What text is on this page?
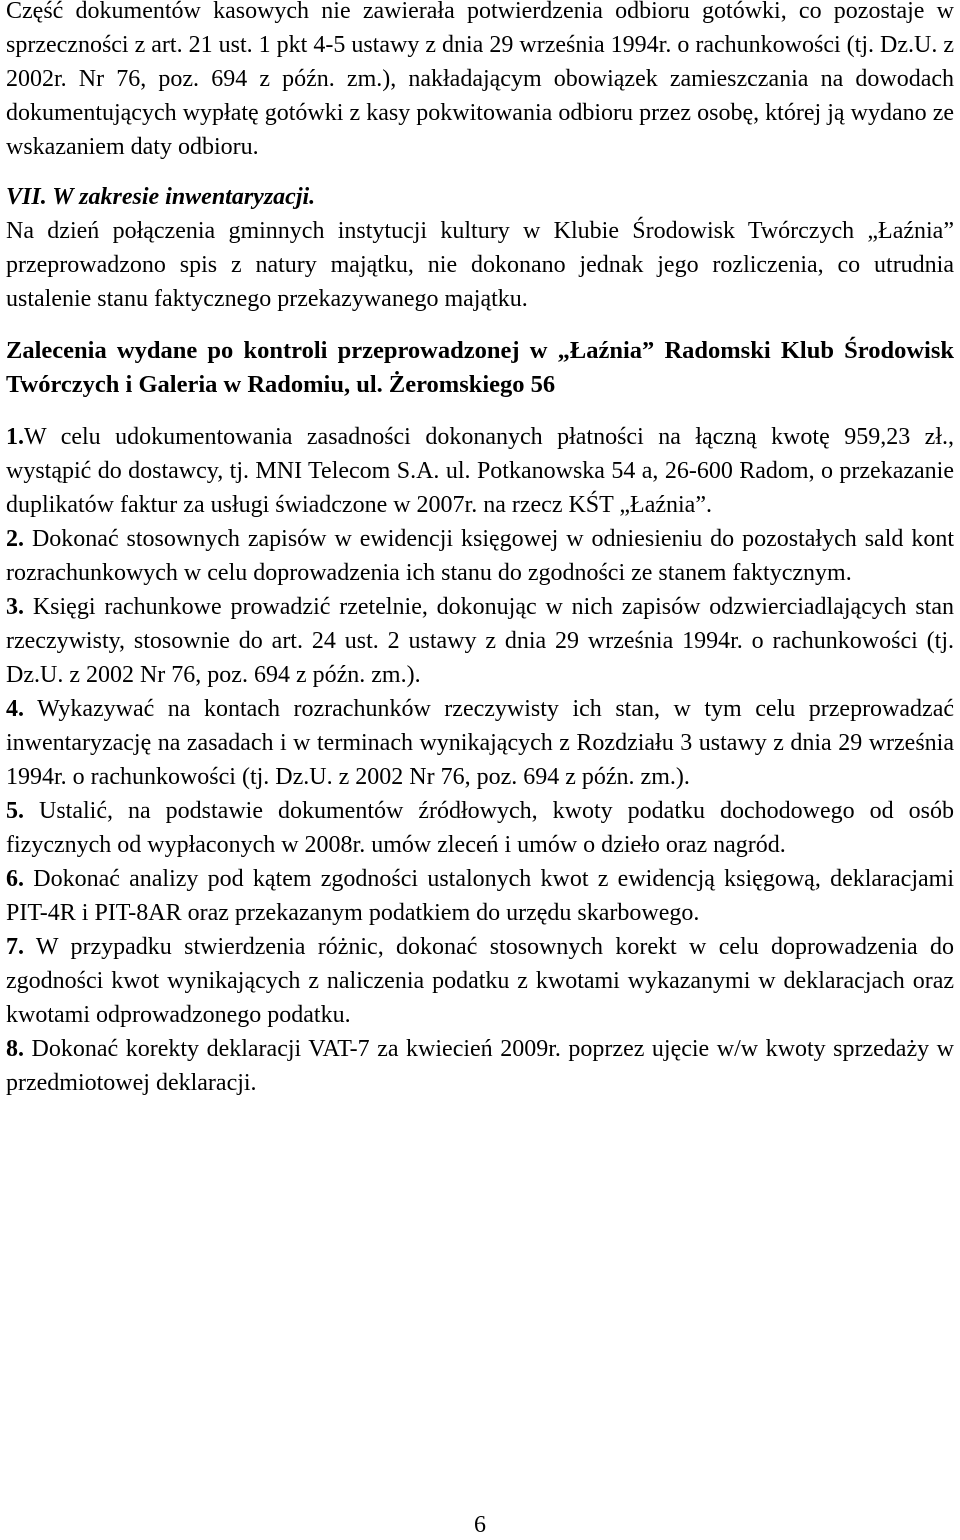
Część dokumentów kasowych nie zawierała potwierdzenia odbioru gotówki, co pozostaje w sprzeczności z art. 21 ust. 1 pkt 4-5 ustawy z dnia 29 września 1994r. o rachunkowości (tj. Dz.U. z 2002r. Nr 76, poz. 694 z późn. zm.), nakładającym obowiązek zamieszczania na dowodach dokumentujących wypłatę gotówki z kasy pokwitowania odbioru przez osobę, której ją wydano ze wskazaniem daty odbioru.

VII. W zakresie inwentaryzacji.

Na dzień połączenia gminnych instytucji kultury w Klubie Środowisk Twórczych „Łaźnia” przeprowadzono spis z natury majątku, nie dokonano jednak jego rozliczenia, co utrudnia ustalenie stanu faktycznego przekazywanego majątku.

Zalecenia wydane po kontroli przeprowadzonej w „Łaźnia” Radomski Klub Środowisk Twórczych i Galeria w Radomiu, ul. Żeromskiego 56

1.W celu udokumentowania zasadności dokonanych płatności na łączną kwotę 959,23 zł., wystąpić do dostawcy, tj. MNI Telecom S.A. ul. Potkanowska 54 a, 26-600 Radom, o przekazanie duplikatów faktur za usługi świadczone w 2007r. na rzecz KŚT „Łaźnia”.

2. Dokonać stosownych zapisów w ewidencji księgowej w odniesieniu do pozostałych sald kont rozrachunkowych w celu doprowadzenia ich stanu do zgodności ze stanem faktycznym.

3. Księgi rachunkowe prowadzić rzetelnie, dokonując w nich zapisów odzwierciadlających stan rzeczywisty, stosownie do art. 24 ust. 2 ustawy z dnia 29 września 1994r. o rachunkowości (tj. Dz.U. z 2002 Nr 76, poz. 694 z późn. zm.).

4. Wykazywać na kontach rozrachunków rzeczywisty ich stan, w tym celu przeprowadzać inwentaryzację na zasadach i w terminach wynikających z Rozdziału 3 ustawy z dnia 29 września 1994r. o rachunkowości (tj. Dz.U. z 2002 Nr 76, poz. 694 z późn. zm.).

5. Ustalić, na podstawie dokumentów źródłowych, kwoty podatku dochodowego od osób fizycznych od wypłaconych w 2008r. umów zleceń i umów o dzieło oraz nagród.

6. Dokonać analizy pod kątem zgodności ustalonych kwot z ewidencją księgową, deklaracjami PIT-4R i PIT-8AR oraz przekazanym podatkiem do urzędu skarbowego.

7. W przypadku stwierdzenia różnic, dokonać stosownych korekt w celu doprowadzenia do zgodności kwot wynikających z naliczenia podatku z kwotami wykazanymi w deklaracjach oraz kwotami odprowadzonego podatku.

8. Dokonać korekty deklaracji VAT-7 za kwiecień 2009r. poprzez ujęcie w/w kwoty sprzedaży w przedmiotowej deklaracji.

6
